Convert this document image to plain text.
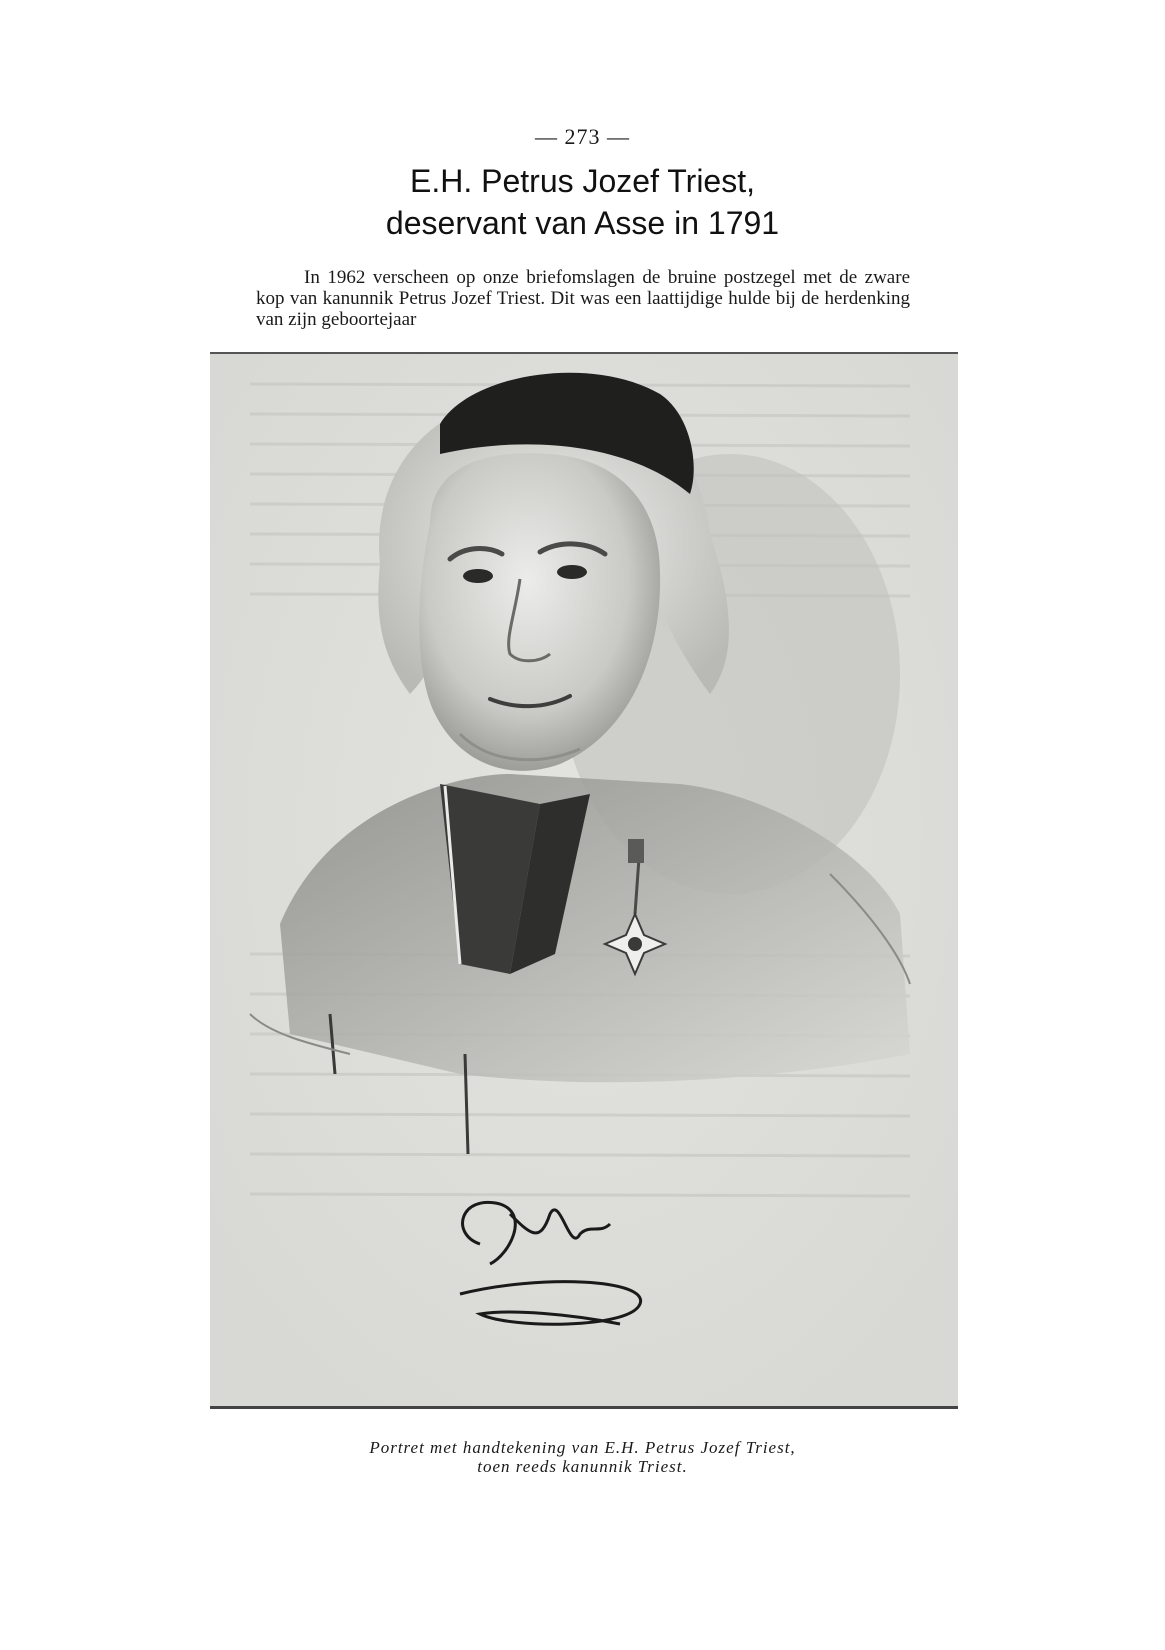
— 273 —
E.H. Petrus Jozef Triest,
deservant van Asse in 1791

In 1962 verscheen op onze briefomslagen de bruine postzegel met de zware kop van kanunnik Petrus Jozef Triest. Dit was een laattijdige hulde bij de herdenking van zijn geboortejaar

Portret met handtekening van E.H. Petrus Jozef Triest,
toen reeds kanunnik Triest.
